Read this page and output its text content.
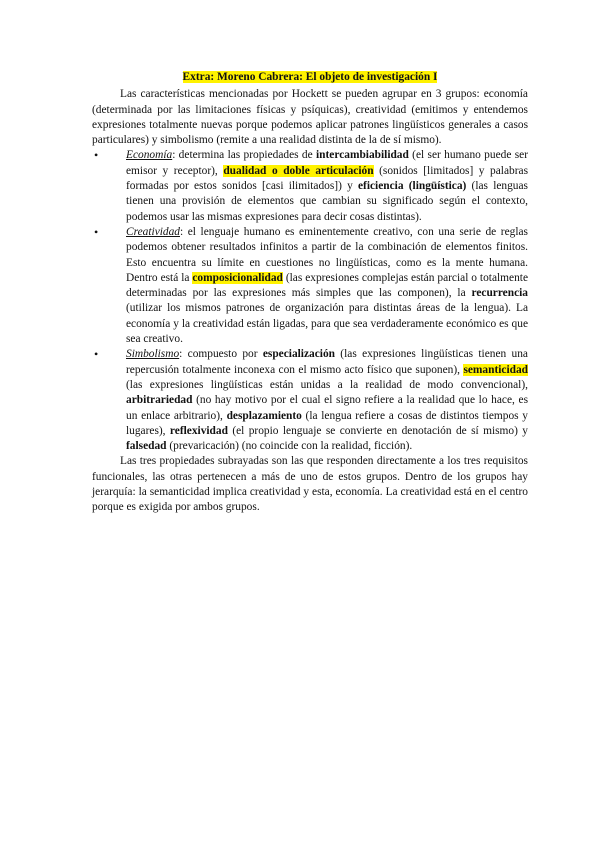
Extra: Moreno Cabrera: El objeto de investigación I

Las características mencionadas por Hockett se pueden agrupar en 3 grupos: economía (determinada por las limitaciones físicas y psíquicas), creatividad (emitimos y entendemos expresiones totalmente nuevas porque podemos aplicar patrones lingüísticos generales a casos particulares) y simbolismo (remite a una realidad distinta de la de sí mismo).

Economía: determina las propiedades de intercambiabilidad (el ser humano puede ser emisor y receptor), dualidad o doble articulación (sonidos [limitados] y palabras formadas por estos sonidos [casi ilimitados]) y eficiencia (lingüística) (las lenguas tienen una provisión de elementos que cambian su significado según el contexto, podemos usar las mismas expresiones para decir cosas distintas).
Creatividad: el lenguaje humano es eminentemente creativo, con una serie de reglas podemos obtener resultados infinitos a partir de la combinación de elementos finitos. Esto encuentra su límite en cuestiones no lingüísticas, como es la mente humana. Dentro está la composicionalidad (las expresiones complejas están parcial o totalmente determinadas por las expresiones más simples que las componen), la recurrencia (utilizar los mismos patrones de organización para distintas áreas de la lengua). La economía y la creatividad están ligadas, para que sea verdaderamente económico es que sea creativo.
Simbolismo: compuesto por especialización (las expresiones lingüísticas tienen una repercusión totalmente inconexa con el mismo acto físico que suponen), semanticidad (las expresiones lingüísticas están unidas a la realidad de modo convencional), arbitrariedad (no hay motivo por el cual el signo refiere a la realidad que lo hace, es un enlace arbitrario), desplazamiento (la lengua refiere a cosas de distintos tiempos y lugares), reflexividad (el propio lenguaje se convierte en denotación de sí mismo) y falsedad (prevaricación) (no coincide con la realidad, ficción).

Las tres propiedades subrayadas son las que responden directamente a los tres requisitos funcionales, las otras pertenecen a más de uno de estos grupos. Dentro de los grupos hay jerarquía: la semanticidad implica creatividad y esta, economía. La creatividad está en el centro porque es exigida por ambos grupos.
